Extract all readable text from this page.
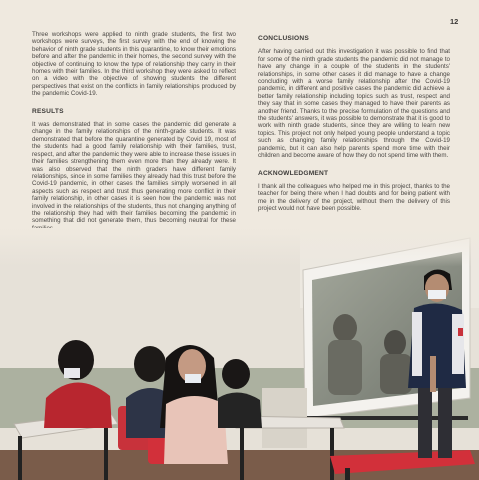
12

Three workshops were applied to ninth grade students, the first two workshops were surveys, the first survey with the end of knowing the behavior of ninth grade students in this quarantine, to know their emotions before and after the pandemic in their homes, the second survey with the objective of continuing to know the type of relationship they carry in their homes with their families. In the third workshop they were asked to reflect on a video with the objective of showing students the different perspectives that exist on the conflicts in family relationships produced by the pandemic Covid-19.

RESULTS

It was demonstrated that in some cases the pandemic did generate a change in the family relationships of the ninth-grade students. It was demonstrated that before the quarantine generated by Covid 19, most of the students had a good family relationship with their families, trust, respect, and after the pandemic they were able to increase these issues in their families strengthening them even more than they already were. It was also observed that the ninth graders have different family relationships, since in some families they already had this trust before the Covid-19 pandemic, in other cases the families simply worsened in all aspects such as respect and trust thus generating more conflict in their family relationship, in other cases it is seen how the pandemic was not involved in the relationships of the students, thus not changing anything of the relationship they had with their families becoming the pandemic in something that did not generate them, thus becoming neutral for these

CONCLUSIONS

After having carried out this investigation it was possible to find that for some of the ninth grade students the pandemic did not manage to have any change in a couple of the students in the students' relationships, in some other cases it did manage to have a change concluding with a worse family relationship after the Covid-19 pandemic, in different and positive cases the pandemic did achieve a better family relationship including topics such as trust, respect and they say that in some cases they managed to have their parents as another friend. Thanks to the precise formulation of the questions and the students' answers, it was possible to demonstrate that it is good to work with ninth grade students, since they are willing to learn new topics. This project not only helped young people understand a topic such as changing family relationships through the Covid-19 pandemic, but it can also help parents spend more time with their children and become aware of how they do not spend time with them.

ACKNOWLEDGMENT

I thank all the colleagues who helped me in this project, thanks to the teacher for being there when I had doubts and for being patient with me in the delivery of the project, without them the delivery of this project would not have been possible.
